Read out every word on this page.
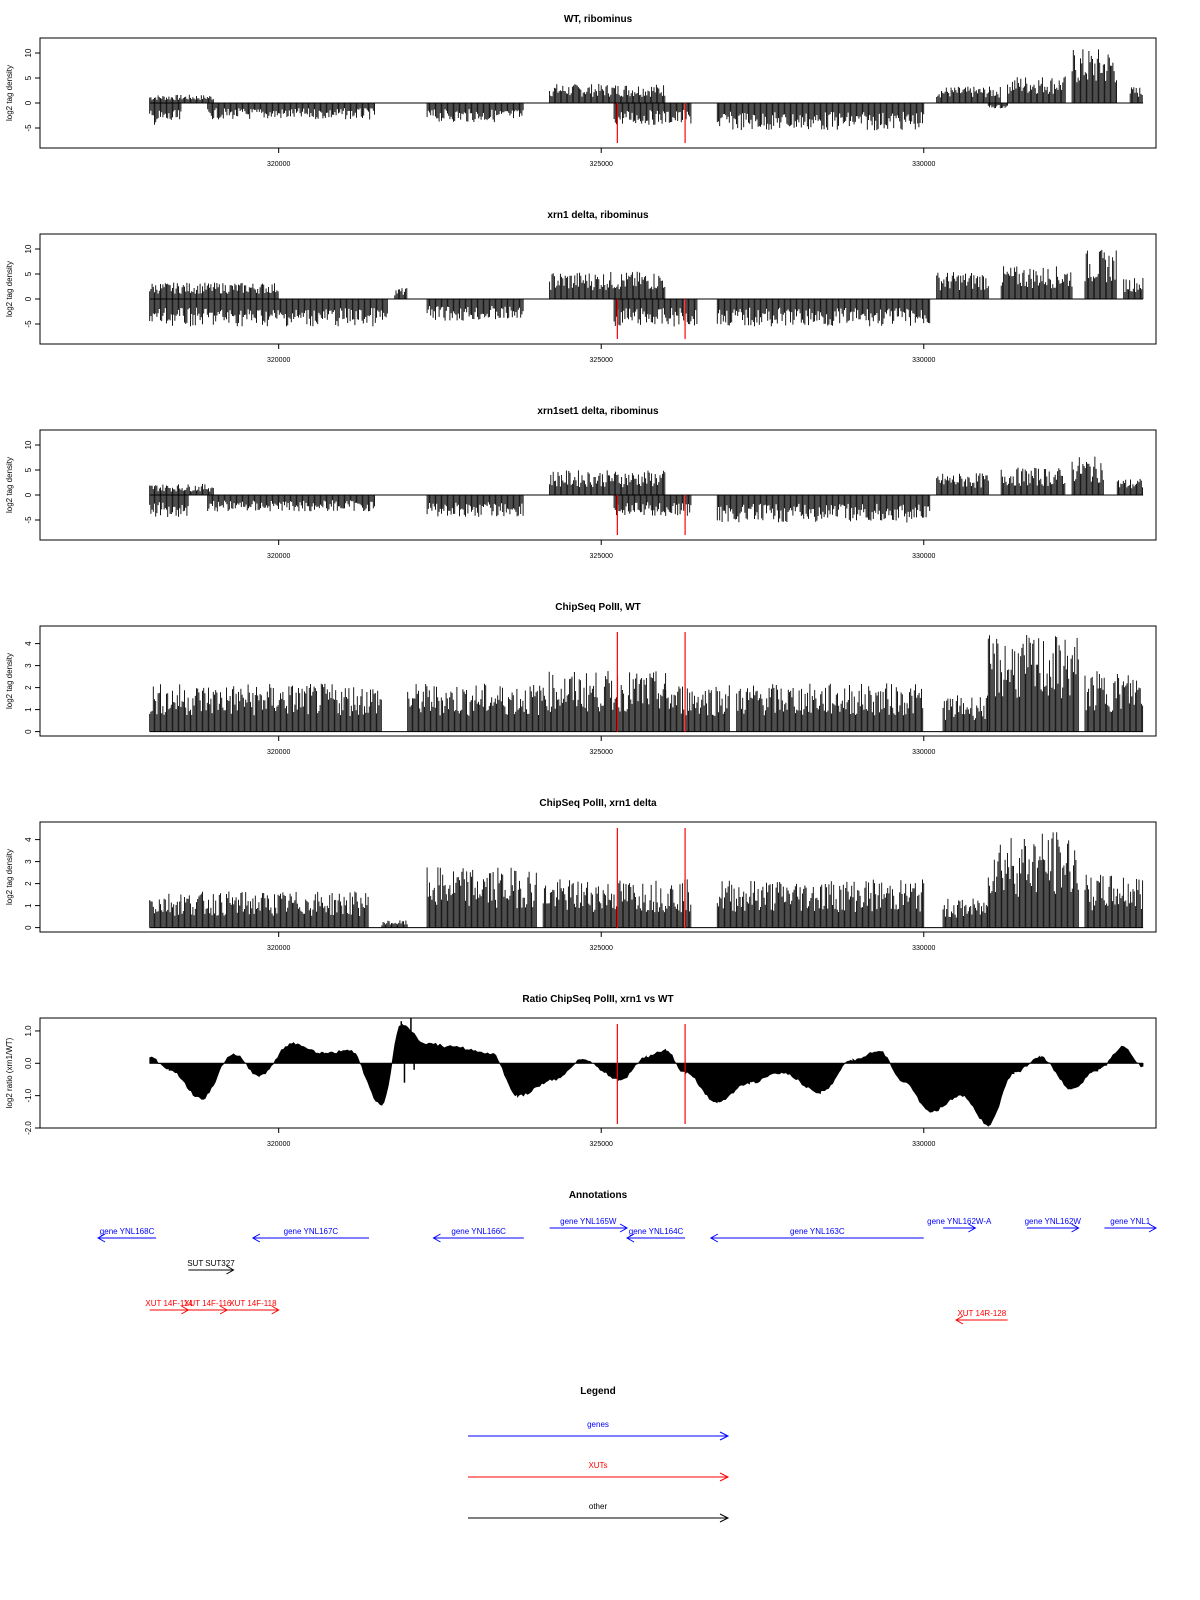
WT, ribominus
-5
0
5
10
log2 tag density
320000	325000	330000
xrn1 delta, ribominus
-5
0
5
10
log2 tag density
320000	325000	330000
xrn1set1 delta, ribominus
-5
0
5
10
log2 tag density
320000	325000	330000
ChipSeq PolII, WT
0
1
2
3
4
log2 tag density
320000	325000	330000
ChipSeq PolII, xrn1 delta
0
1
2
3
4
log2 tag density
320000	325000	330000
Ratio ChipSeq PolII, xrn1 vs WT
-2.0
-1.0
0.0
1.0
log2 ratio (xrn1/WT)
320000	325000	330000
Annotations
gene YNL168C	gene YNL167C	gene YNL166C
gene YNL165W
gene YNL164C	gene YNL163C
gene YNL162W-A	gene YNL162W	gene YNL1
SUT SUT327
XUT 14F-114
XUT 14F-116
XUT 14F-118
XUT 14R-128
Legend
genes
XUTs
other
